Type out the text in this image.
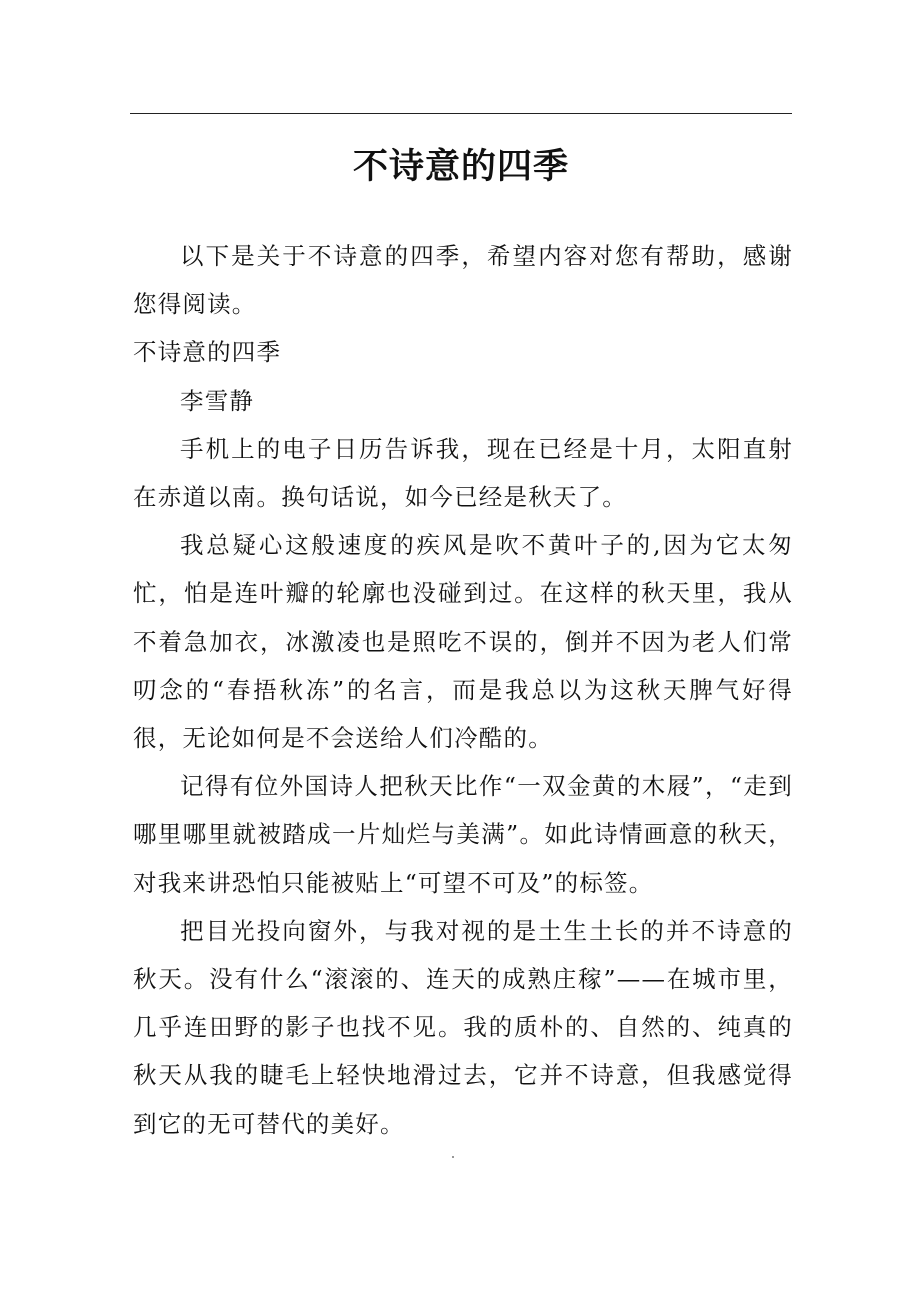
不诗意的四季

以下是关于不诗意的四季，希望内容对您有帮助，感谢您得阅读。

不诗意的四季

李雪静

手机上的电子日历告诉我，现在已经是十月，太阳直射在赤道以南。换句话说，如今已经是秋天了。

我总疑心这般速度的疾风是吹不黄叶子的,因为它太匆忙，怕是连叶瓣的轮廓也没碰到过。在这样的秋天里，我从不着急加衣，冰激凌也是照吃不误的，倒并不因为老人们常叨念的“春捂秋冻”的名言，而是我总以为这秋天脾气好得很，无论如何是不会送给人们冷酷的。

记得有位外国诗人把秋天比作“一双金黄的木屐”，“走到哪里哪里就被踏成一片灿烂与美满”。如此诗情画意的秋天，对我来讲恐怕只能被贴上“可望不可及”的标签。

把目光投向窗外，与我对视的是土生土长的并不诗意的秋天。没有什么“滚滚的、连天的成熟庄稼”——在城市里，几乎连田野的影子也找不见。我的质朴的、自然的、纯真的秋天从我的睫毛上轻快地滑过去，它并不诗意，但我感觉得到它的无可替代的美好。
